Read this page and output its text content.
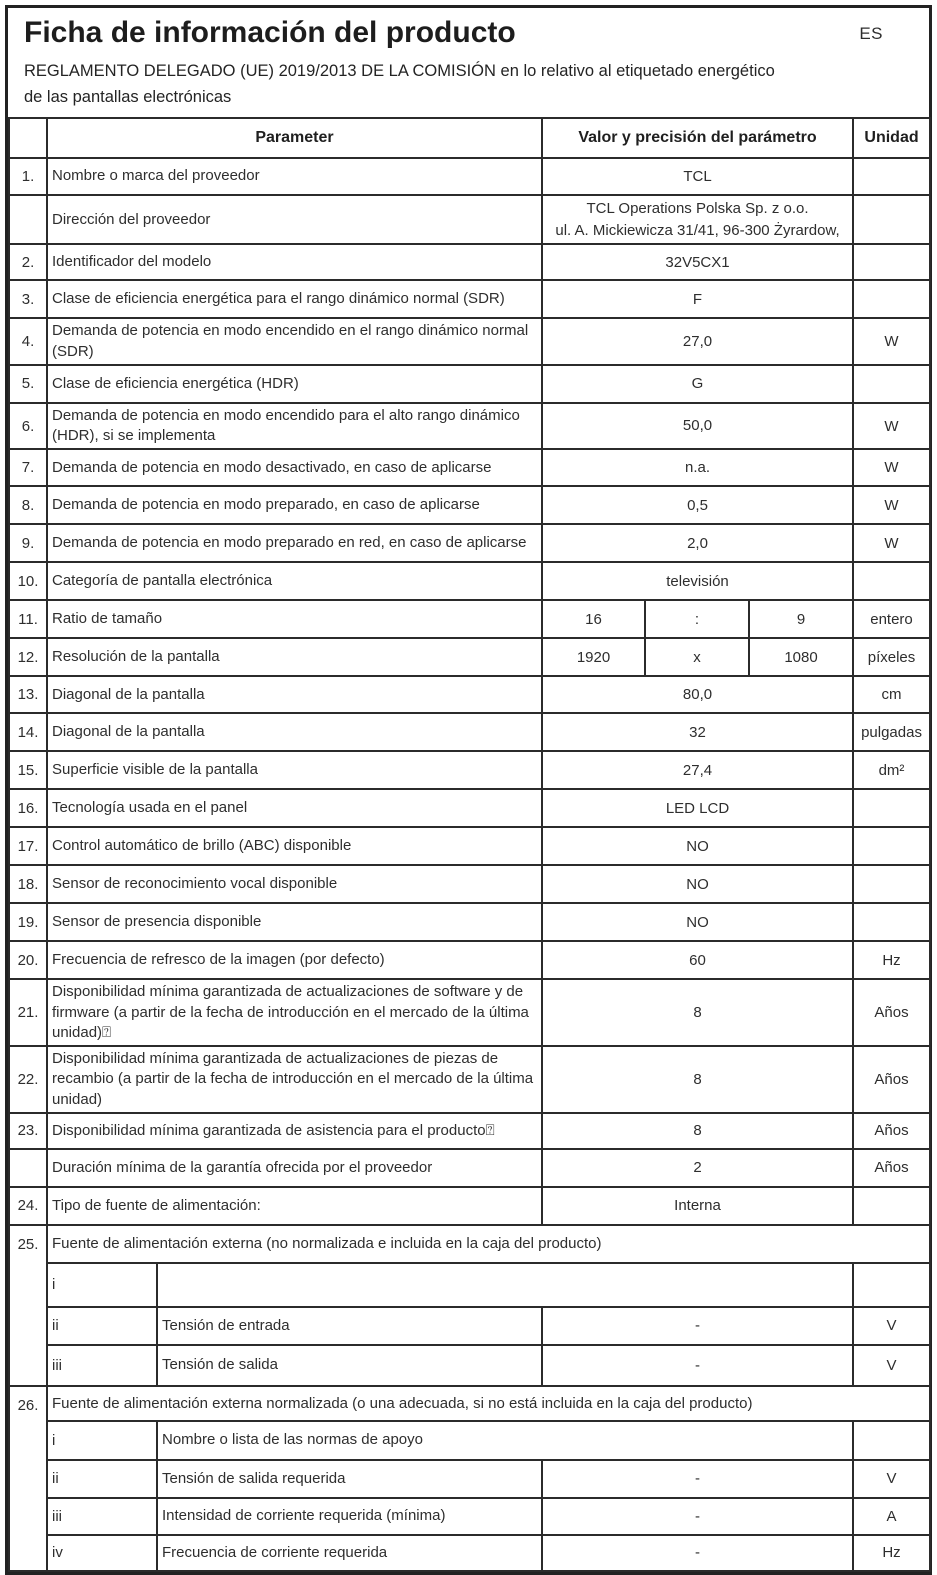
Ficha de información del producto	ES
REGLAMENTO DELEGADO (UE) 2019/2013 DE LA COMISIÓN en lo relativo al etiquetado energético
de las pantallas electrónicas
	Parameter		Valor y precisión del parámetro			Unidad
1.	Nombre o marca del proveedor		TCL			
	Dirección del proveedor		TCL Operations Polska Sp. z o.o.
ul. A. Mickiewicza 31/41, 96-300 Żyrardow,			

2.	Identificador del modelo		32V5CX1			
3.	Clase de eficiencia energética para el rango dinámico normal (SDR)		F			
4.	Demanda de potencia en modo encendido en el rango dinámico normal (SDR)		27,0			W
5.	Clase de eficiencia energética (HDR)		G			
6.	Demanda de potencia en modo encendido para el alto rango dinámico (HDR), si se implementa		50,0			W
7.	Demanda de potencia en modo desactivado, en caso de aplicarse		n.a.			W
8.	Demanda de potencia en modo preparado, en caso de aplicarse		0,5			W
9.	Demanda de potencia en modo preparado en red, en caso de aplicarse		2,0			W
10.	Categoría de pantalla electrónica		televisión			
11.	Ratio de tamaño		16	:	9	entero
12.	Resolución de la pantalla		1920	x	1080	píxeles
13.	Diagonal de la pantalla		80,0			cm
14.	Diagonal de la pantalla		32			pulgadas
15.	Superficie visible de la pantalla		27,4			dm²
16.	Tecnología usada en el panel		LED LCD			
17.	Control automático de brillo (ABC) disponible		NO			
18.	Sensor de reconocimiento vocal disponible		NO			
19.	Sensor de presencia disponible		NO			
20.	Frecuencia de refresco de la imagen (por defecto)		60			Hz
21.	Disponibilidad mínima garantizada de actualizaciones de software y de firmware (a partir de la fecha de introducción en el mercado de la última unidad)⍰		8			Años
22.	Disponibilidad mínima garantizada de actualizaciones de piezas de recambio (a partir de la fecha de introducción en el mercado de la última unidad)		8			Años
23.	Disponibilidad mínima garantizada de asistencia para el producto⍰		8			Años
	Duración mínima de la garantía ofrecida por el proveedor		2			Años
24.	Tipo de fuente de alimentación:		Interna			
25.	Fuente de alimentación externa (no normalizada e incluida en la caja del producto)					
	i					
	ii	Tensión de entrada	-			V
	iii	Tensión de salida	-			V
26.	Fuente de alimentación externa normalizada (o una adecuada, si no está incluida en la caja del producto)					
	i	Nombre o lista de las normas de apoyo				
	ii	Tensión de salida requerida	-			V
	iii	Intensidad de corriente requerida (mínima)	-			A
	iv	Frecuencia de corriente requerida	-			Hz
